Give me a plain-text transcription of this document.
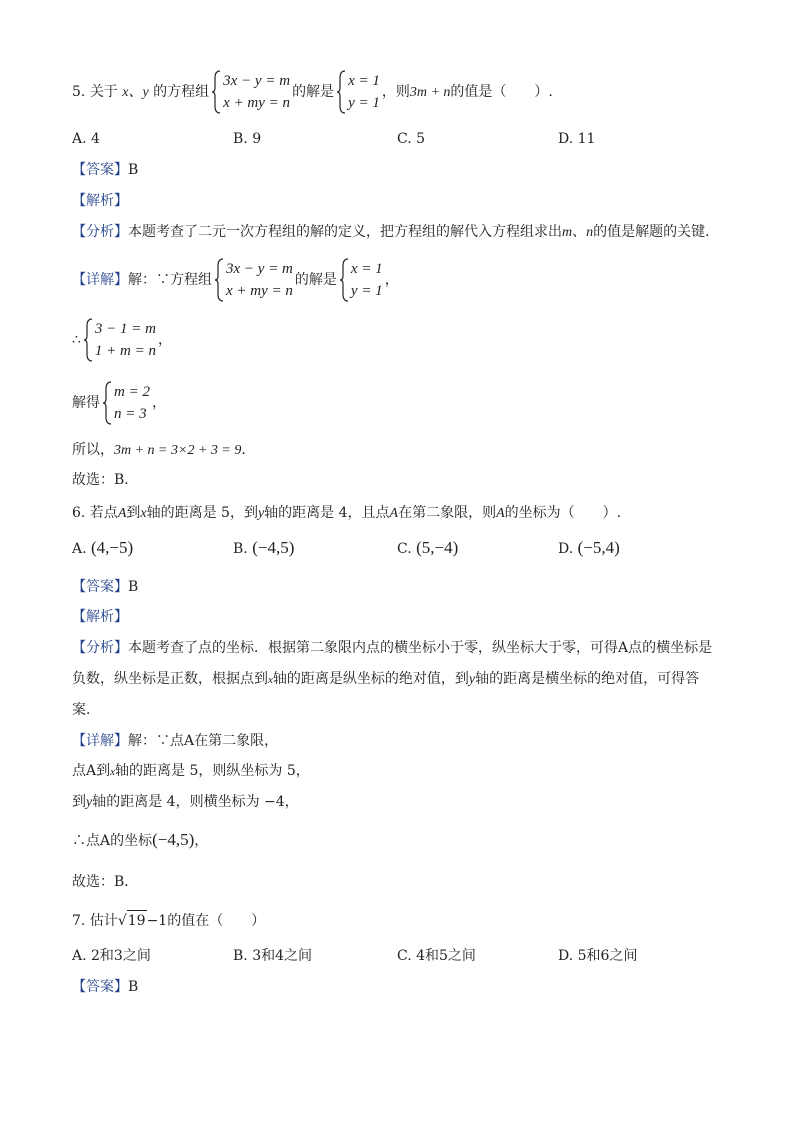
5. 关于 x、y 的方程组
3x − y = m
x + my = n
的解是
x = 1
y = 1
，则3m + n的值是（　　）.
A. 4	B. 9	C. 5	D. 11
【答案】B
【解析】
【分析】本题考查了二元一次方程组的解的定义，把方程组的解代入方程组求出m、n的值是解题的关键．
【详解】解：∵方程组
3x − y = m
x + my = n
的解是
x = 1
y = 1
，
∴
3 − 1 = m
1 + m = n
，
解得
m = 2
n = 3
，
所以，3m + n = 3×2 + 3 = 9．
故选：B．
6. 若点A到x轴的距离是 5，到y轴的距离是 4，且点A在第二象限，则A的坐标为（　　）.
A. (4,−5)	B. (−4,5)	C. (5,−4)	D. (−5,4)
【答案】B
【解析】
【分析】本题考查了点的坐标．根据第二象限内点的横坐标小于零，纵坐标大于零，可得A点的横坐标是
负数，纵坐标是正数，根据点到x轴的距离是纵坐标的绝对值，到y轴的距离是横坐标的绝对值，可得答
案．
【详解】解：∵点A在第二象限，
点A到x轴的距离是 5，则纵坐标为 5，
到y轴的距离是 4，则横坐标为 −4，
∴点A的坐标(−4,5)，
故选：B．
7. 估计√19−1的值在（　　）
A. 2和3之间	B. 3和4之间	C. 4和5之间	D. 5和6之间
【答案】B
